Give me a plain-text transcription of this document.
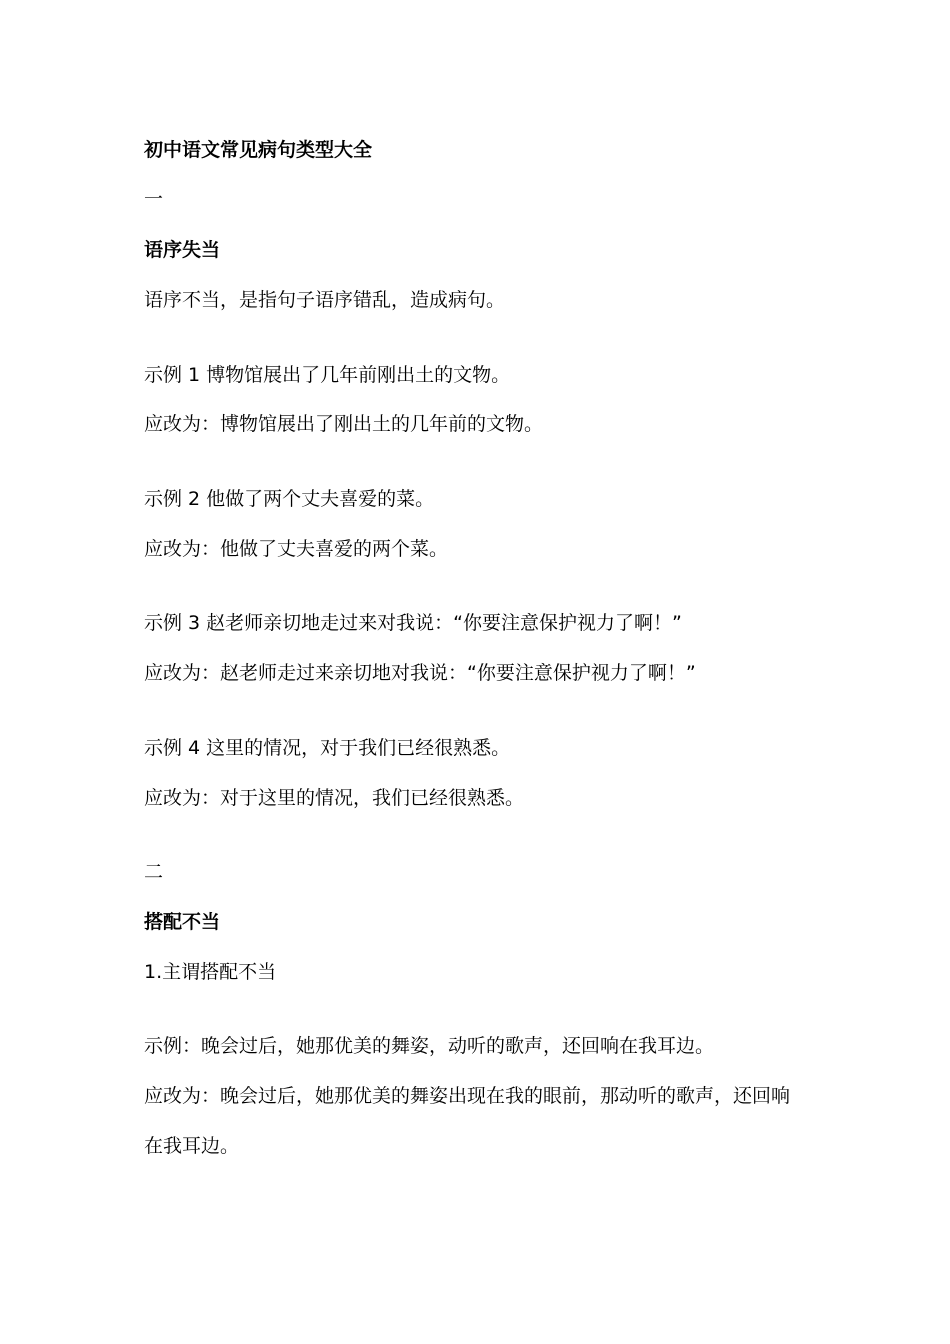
初中语文常见病句类型大全
一
语序失当
语序不当，是指句子语序错乱，造成病句。
示例 1 博物馆展出了几年前刚出土的文物。
应改为：博物馆展出了刚出土的几年前的文物。
示例 2 他做了两个丈夫喜爱的菜。
应改为：他做了丈夫喜爱的两个菜。
示例 3 赵老师亲切地走过来对我说：“你要注意保护视力了啊！”
应改为：赵老师走过来亲切地对我说：“你要注意保护视力了啊！”
示例 4 这里的情况，对于我们已经很熟悉。
应改为：对于这里的情况，我们已经很熟悉。
二
搭配不当
1.主谓搭配不当
示例：晚会过后，她那优美的舞姿，动听的歌声，还回响在我耳边。
应改为：晚会过后，她那优美的舞姿出现在我的眼前，那动听的歌声，还回响
在我耳边。
